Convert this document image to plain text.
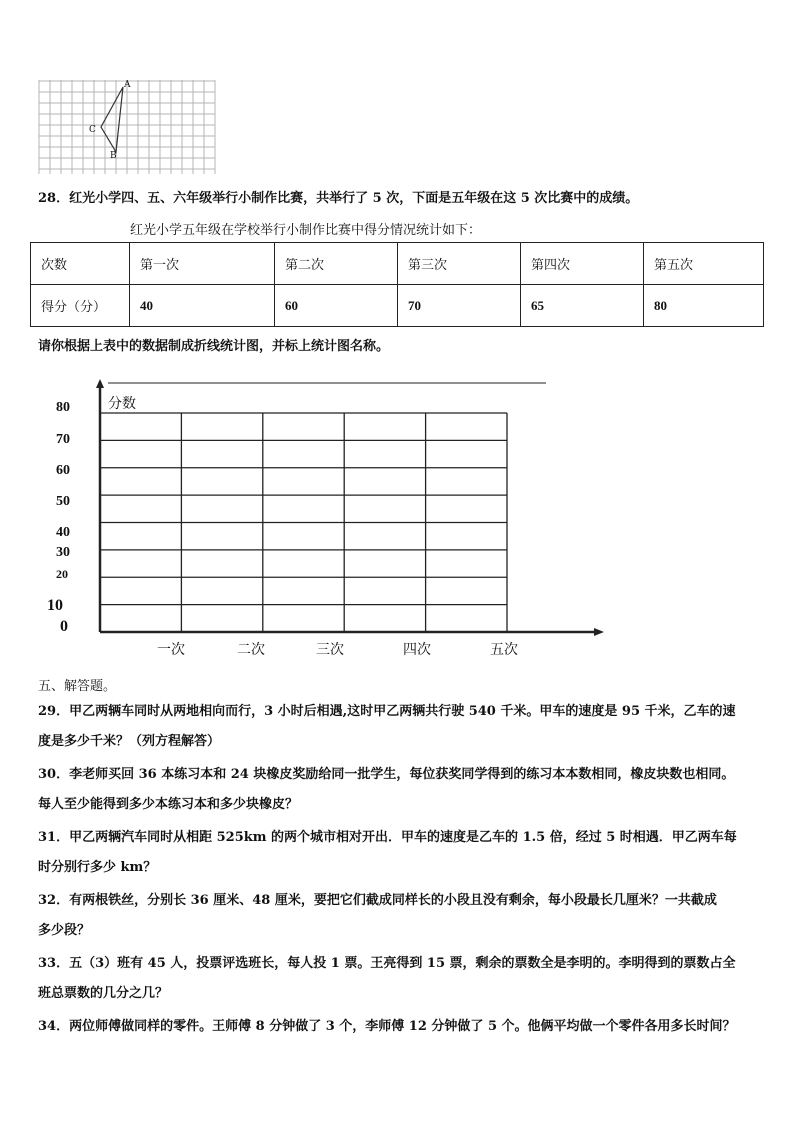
A
B
C
28．红光小学四、五、六年级举行小制作比赛，共举行了 5 次，下面是五年级在这 5 次比赛中的成绩。
红光小学五年级在学校举行小制作比赛中得分情况统计如下：
次数	第一次	第二次	第三次	第四次	第五次
得分（分）	40	60	70	65	80
请你根据上表中的数据制成折线统计图，并标上统计图名称。
分数
80
70
60
50
40
30
20
10
0
一次	二次	三次	四次	五次
五、解答题。
29．甲乙两辆车同时从两地相向而行，3 小时后相遇,这时甲乙两辆共行驶 540 千米。甲车的速度是 95 千米，乙车的速
度是多少千米？（列方程解答）
30．李老师买回 36 本练习本和 24 块橡皮奖励给同一批学生，每位获奖同学得到的练习本本数相同，橡皮块数也相同。
每人至少能得到多少本练习本和多少块橡皮？
31．甲乙两辆汽车同时从相距 525km 的两个城市相对开出．甲车的速度是乙车的 1.5 倍，经过 5 时相遇．甲乙两车每
时分别行多少 km？
32．有两根铁丝，分别长 36 厘米、48 厘米，要把它们截成同样长的小段且没有剩余，每小段最长几厘米？一共截成
多少段？
33．五（3）班有 45 人，投票评选班长，每人投 1 票。王亮得到 15 票，剩余的票数全是李明的。李明得到的票数占全
班总票数的几分之几？
34．两位师傅做同样的零件。王师傅 8 分钟做了 3 个，李师傅 12 分钟做了 5 个。他俩平均做一个零件各用多长时间？
